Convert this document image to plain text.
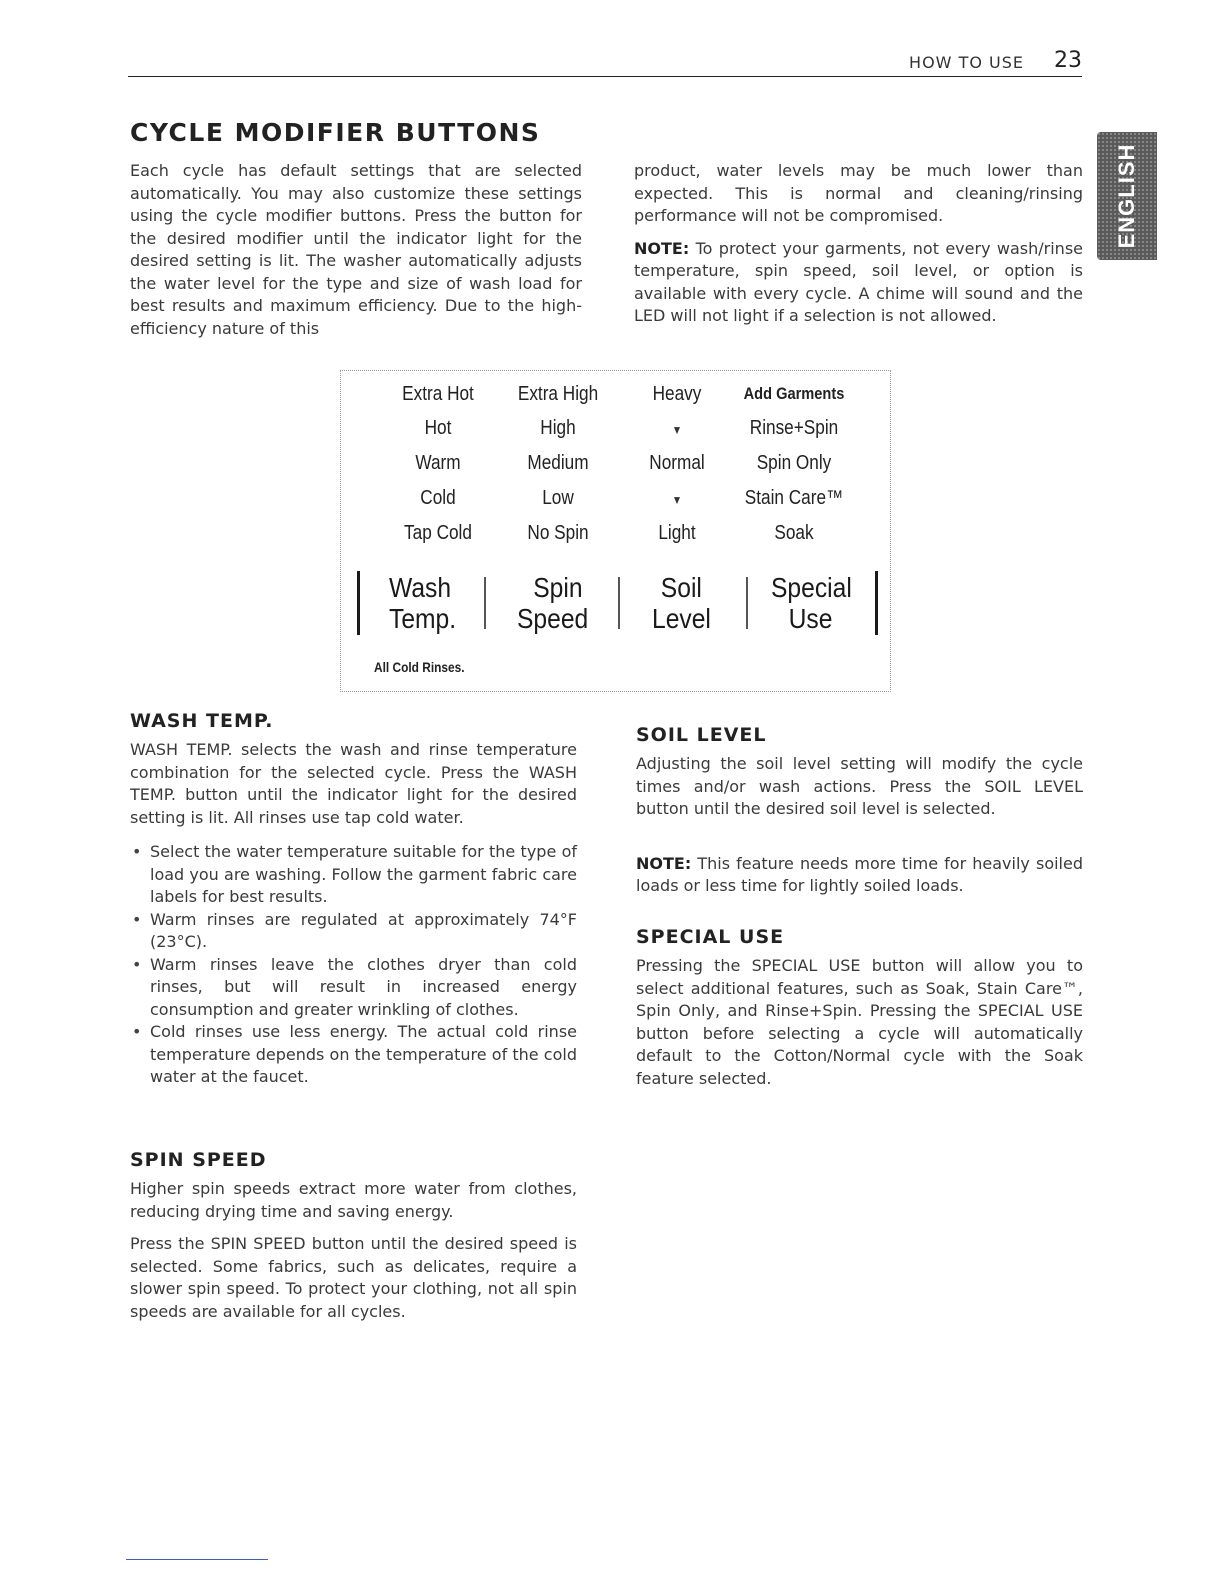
HOW TO USE 23
ENGLISH
CYCLE MODIFIER BUTTONS

Each cycle has default settings that are selected automatically. You may also customize these settings using the cycle modifier buttons. Press the button for the desired modifier until the indicator light for the desired setting is lit. The washer automatically adjusts the water level for the type and size of wash load for best results and maximum efficiency. Due to the high-efficiency nature of this

product, water levels may be much lower than expected. This is normal and cleaning/rinsing performance will not be compromised.

NOTE: To protect your garments, not every wash/rinse temperature, spin speed, soil level, or option is available with every cycle. A chime will sound and the LED will not light if a selection is not allowed.

Extra Hot
Hot
Warm
Cold
Tap Cold
Extra High
High
Medium
Low
No Spin
Heavy
▼
Normal
▼
Light
Add Garments
Rinse+Spin
Spin Only
Stain Care™
Soak
Wash
Temp.
Spin
Speed
Soil
Level
Special
Use
All Cold Rinses.
WASH TEMP.

WASH TEMP. selects the wash and rinse temperature combination for the selected cycle. Press the WASH TEMP. button until the indicator light for the desired setting is lit. All rinses use tap cold water.

• Select the water temperature suitable for the type of load you are washing. Follow the garment fabric care labels for best results.
• Warm rinses are regulated at approximately 74°F (23°C).
• Warm rinses leave the clothes dryer than cold rinses, but will result in increased energy consumption and greater wrinkling of clothes.
• Cold rinses use less energy. The actual cold rinse temperature depends on the temperature of the cold water at the faucet.
SPIN SPEED

Higher spin speeds extract more water from clothes, reducing drying time and saving energy.

Press the SPIN SPEED button until the desired speed is selected. Some fabrics, such as delicates, require a slower spin speed. To protect your clothing, not all spin speeds are available for all cycles.

SOIL LEVEL

Adjusting the soil level setting will modify the cycle times and/or wash actions. Press the SOIL LEVEL button until the desired soil level is selected.

NOTE: This feature needs more time for heavily soiled loads or less time for lightly soiled loads.

SPECIAL USE

Pressing the SPECIAL USE button will allow you to select additional features, such as Soak, Stain Care™, Spin Only, and Rinse+Spin. Pressing the SPECIAL USE button before selecting a cycle will automatically default to the Cotton/Normal cycle with the Soak feature selected.
